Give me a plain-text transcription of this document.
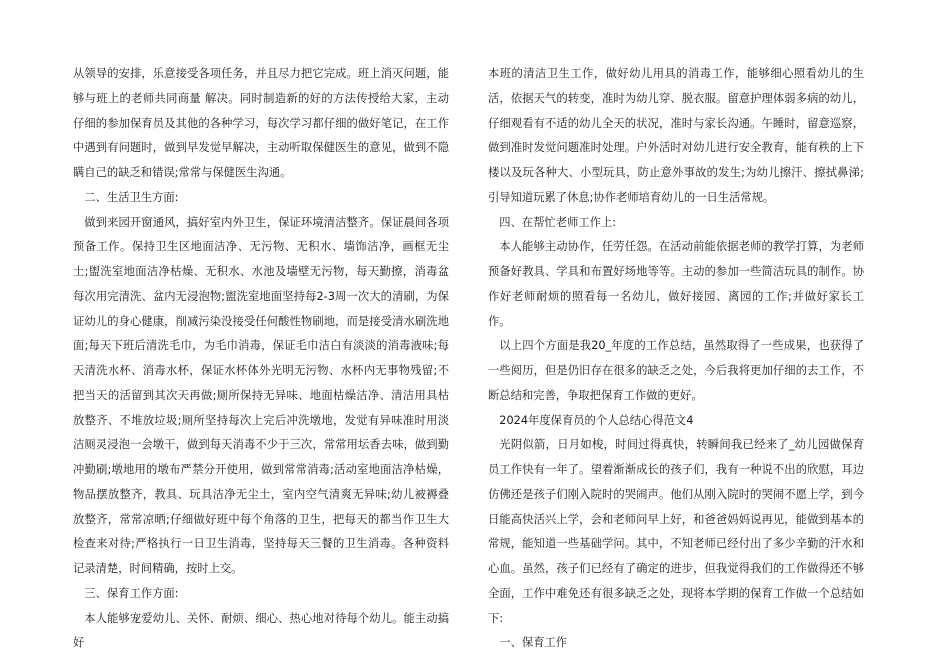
从领导的安排，乐意接受各项任务，并且尽力把它完成。班上消灭问题，能够与班上的老师共同商量 解决。同时制造新的好的方法传授给大家，主动仔细的参加保育员及其他的各种学习，每次学习都仔细的做好笔记，在工作中遇到有问题时，做到早发觉早解决，主动听取保健医生的意见，做到不隐瞒自己的缺乏和错误;常常与保健医生沟通。

二、生活卫生方面:

做到来园开窗通风，搞好室内外卫生，保证环境清洁整齐。保证晨间各项预备工作。保持卫生区地面洁净、无污物、无积水、墙饰洁净，画框无尘土;盥洗室地面洁净枯燥、无积水、水池及墙壁无污物，每天勤擦，消毒盆每次用完清洗、盆内无浸泡物;盥洗室地面坚持每2-3周一次大的清刷，为保证幼儿的身心健康，削减污染没接受任何酸性物刷地，而是接受清水刷洗地面;每天下班后清洗毛巾，为毛巾消毒，保证毛巾洁白有淡淡的消毒液味;每天清洗水杯、消毒水杯，保证水杯体外光明无污物、水杯内无事物残留;不把当天的活留到其次天再做;厕所保持无异味、地面枯燥洁净、清洁用具枯放整齐、不堆放垃圾;厕所坚持每次上完后冲洗墩地，发觉有异味准时用淡洁厕灵浸泡一会墩干，做到每天消毒不少于三次，常常用坛香去味，做到勤冲勤刷;墩地用的墩布严禁分开使用，做到常常消毒;活动室地面洁净枯燥，物品摆放整齐，教具、玩具洁净无尘土，室内空气清爽无异味;幼儿被褥叠放整齐，常常凉晒;仔细做好班中每个角落的卫生，把每天的都当作卫生大检查来对待;严格执行一日卫生消毒，坚持每天三餐的卫生消毒。各种资料记录清楚，时间精确，按时上交。

三、保育工作方面:

本人能够宠爱幼儿、关怀、耐烦、细心、热心地对待每个幼儿。能主动搞好

本班的清洁卫生工作，做好幼儿用具的消毒工作，能够细心照看幼儿的生活，依据天气的转变，准时为幼儿穿、脱衣服。留意护理体弱多病的幼儿，仔细观看有不适的幼儿全天的状况，准时与家长沟通。午睡时，留意巡察，做到准时发觉问题准时处理。户外活时对幼儿进行安全教育，能有秩的上下楼以及玩各种大、小型玩具，防止意外事故的发生;为幼儿擦汗、擦拭鼻涕;引导知道玩累了休息;协作老师培育幼儿的一日生活常规。

四、在帮忙老师工作上:

本人能够主动协作，任劳任怨。在活动前能依据老师的教学打算，为老师预备好教具、学具和布置好场地等等。主动的参加一些简洁玩具的制作。协作好老师耐烦的照看每一名幼儿，做好接园、离园的工作;并做好家长工作。

以上四个方面是我20_年度的工作总结，虽然取得了一些成果，也获得了一些阅历，但是仍旧存在很多的缺乏之处，今后我将更加仔细的去工作，不断总结和完善，争取把保育工作做的更好。

2024年度保育员的个人总结心得范文4

光阴似箭，日月如梭，时间过得真快，转瞬间我已经来了_幼儿园做保育员工作快有一年了。望着渐渐成长的孩子们，我有一种说不出的欣慰，耳边仿佛还是孩子们刚入院时的哭闹声。他们从刚入院时的哭闹不愿上学，到今日能高快活兴上学，会和老师问早上好，和爸爸妈妈说再见，能做到基本的常规，能知道一些基础学问。其中，不知老师已经付出了多少辛勤的汗水和心血。虽然，孩子们已经有了确定的进步，但我觉得我们的工作做得还不够全面，工作中难免还有很多缺乏之处，现将本学期的保育工作做一个总结如下:

一、保育工作
